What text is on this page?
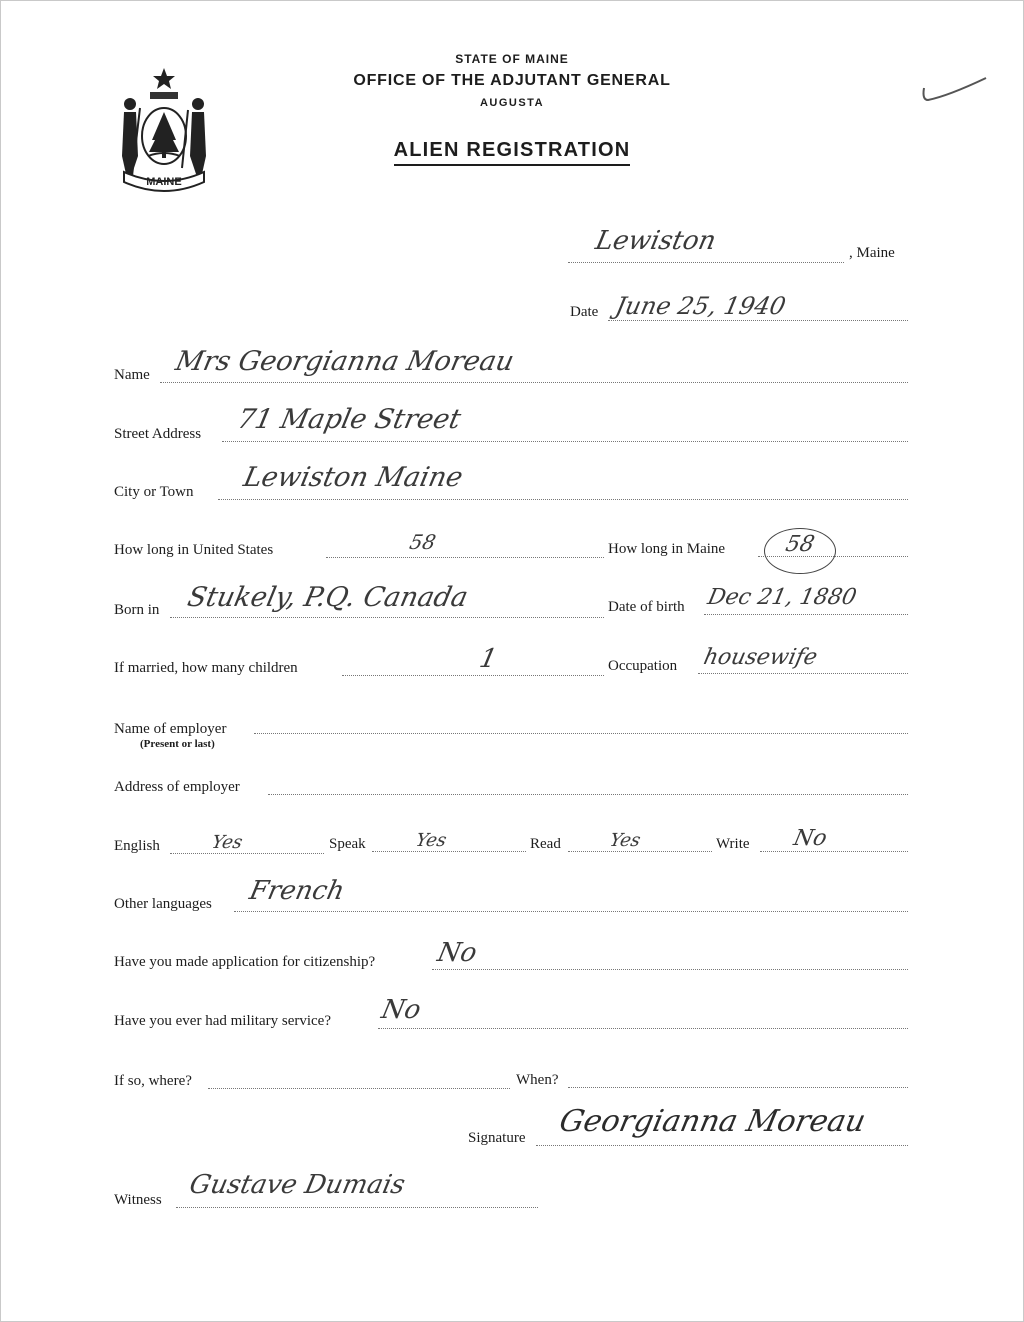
STATE OF MAINE
OFFICE OF THE ADJUTANT GENERAL
AUGUSTA
ALIEN REGISTRATION
MAINE
Lewiston	, Maine
Date June 25, 1940
Name Mrs Georgianna Moreau
Street Address 71 Maple Street
City or Town Lewiston Maine
How long in United States	58	How long in Maine	58
Born in Stukely, P.Q. Canada	Date of birth Dec 21, 1880
If married, how many children	1	Occupation housewife
Name of employer
(Present or last)
Address of employer
English	Yes	Speak	Yes	Read	Yes	Write No
Other languages French
Have you made application for citizenship? No
Have you ever had military service? No
If so, where?	When?
Signature Georgianna Moreau
Witness Gustave Dumais
